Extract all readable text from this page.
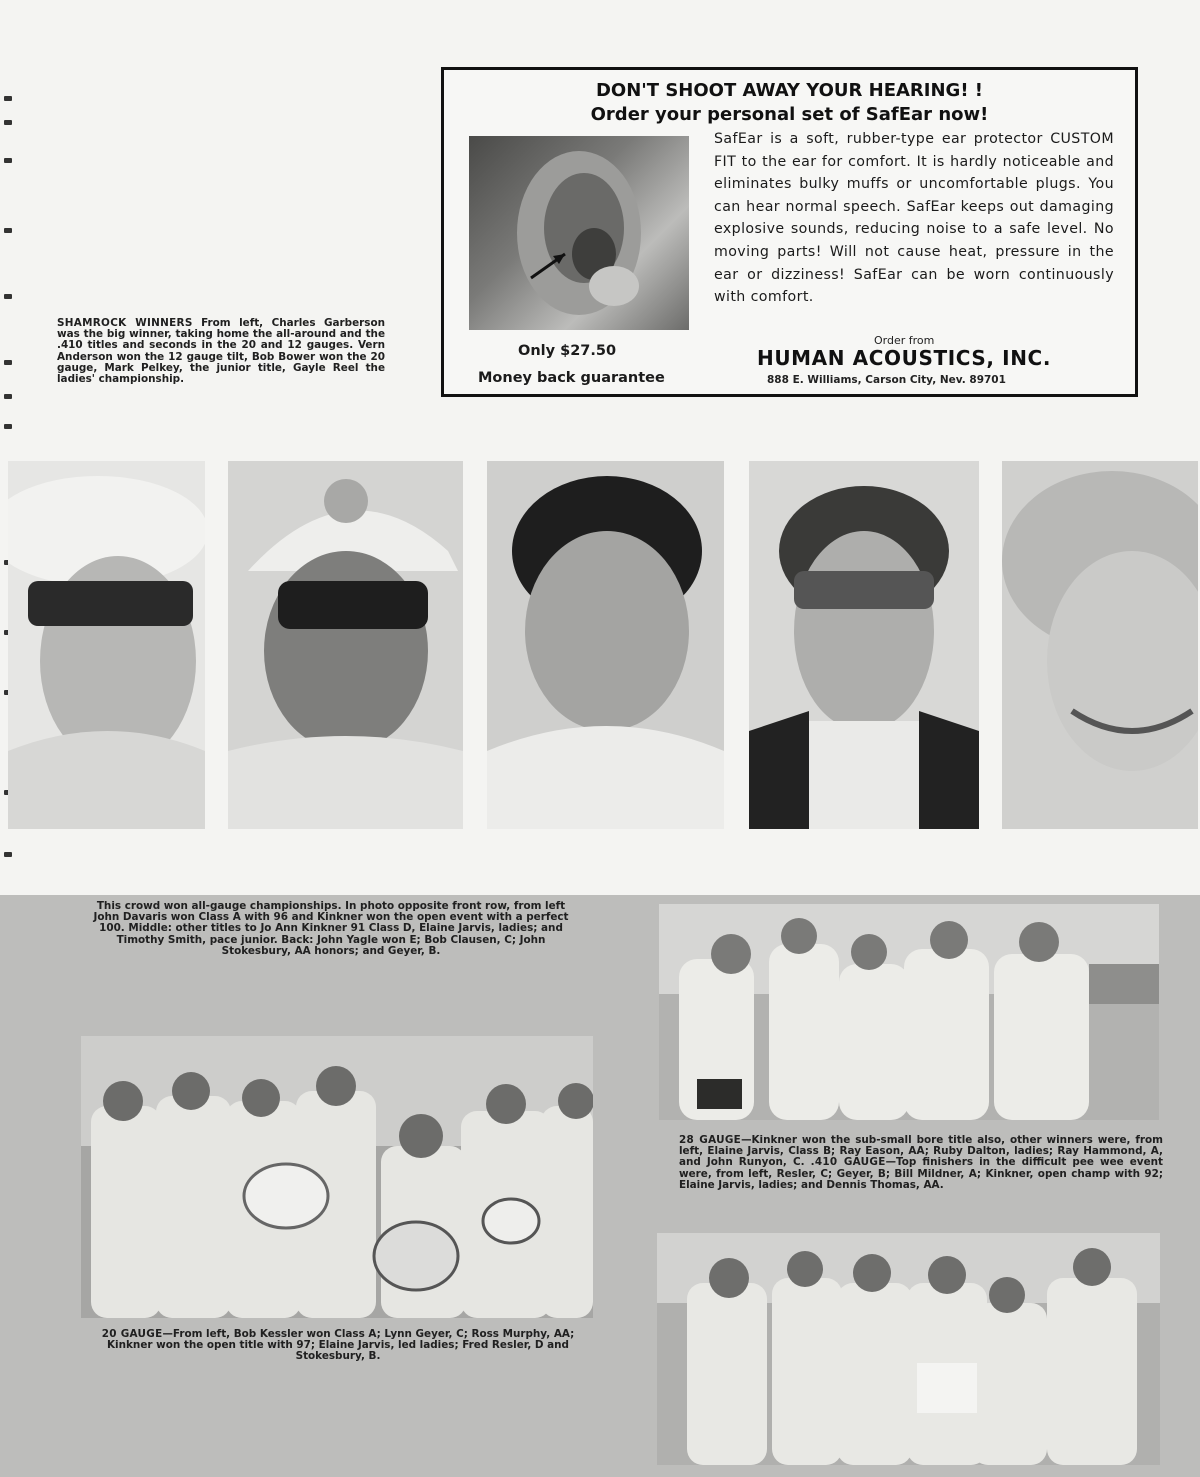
SHAMROCK WINNERS From left, Charles Garberson was the big winner, taking home the all-around and the .410 titles and seconds in the 20 and 12 gauges. Vern Anderson won the 12 gauge tilt, Bob Bower won the 20 gauge, Mark Pelkey, the junior title, Gayle Reel the ladies' championship.

DON'T SHOOT AWAY YOUR HEARING! !
Order your personal set of SafEar now!

SafEar is a soft, rubber-type ear protector CUSTOM FIT to the ear for comfort. It is hardly noticeable and eliminates bulky muffs or uncomfortable plugs. You can hear normal speech. SafEar keeps out damaging explosive sounds, reducing noise to a safe level. No moving parts! Will not cause heat, pressure in the ear or dizziness! SafEar can be worn continuously with comfort.

Only $27.50
Money back guarantee
Order from
HUMAN ACOUSTICS, INC.
888 E. Williams, Carson City, Nev. 89701

This crowd won all-gauge championships. In photo opposite front row, from left John Davaris won Class A with 96 and Kinkner won the open event with a perfect 100. Middle: other titles to Jo Ann Kinkner 91 Class D, Elaine Jarvis, ladies; and Timothy Smith, pace junior. Back: John Yagle won E; Bob Clausen, C; John Stokesbury, AA honors; and Geyer, B.

28 GAUGE—Kinkner won the sub-small bore title also, other winners were, from left, Elaine Jarvis, Class B; Ray Eason, AA; Ruby Dalton, ladies; Ray Hammond, A, and John Runyon, C. .410 GAUGE—Top finishers in the difficult pee wee event were, from left, Resler, C; Geyer, B; Bill Mildner, A; Kinkner, open champ with 92; Elaine Jarvis, ladies; and Dennis Thomas, AA.

20 GAUGE—From left, Bob Kessler won Class A; Lynn Geyer, C; Ross Murphy, AA; Kinkner won the open title with 97; Elaine Jarvis, led ladies; Fred Resler, D and Stokesbury, B.
